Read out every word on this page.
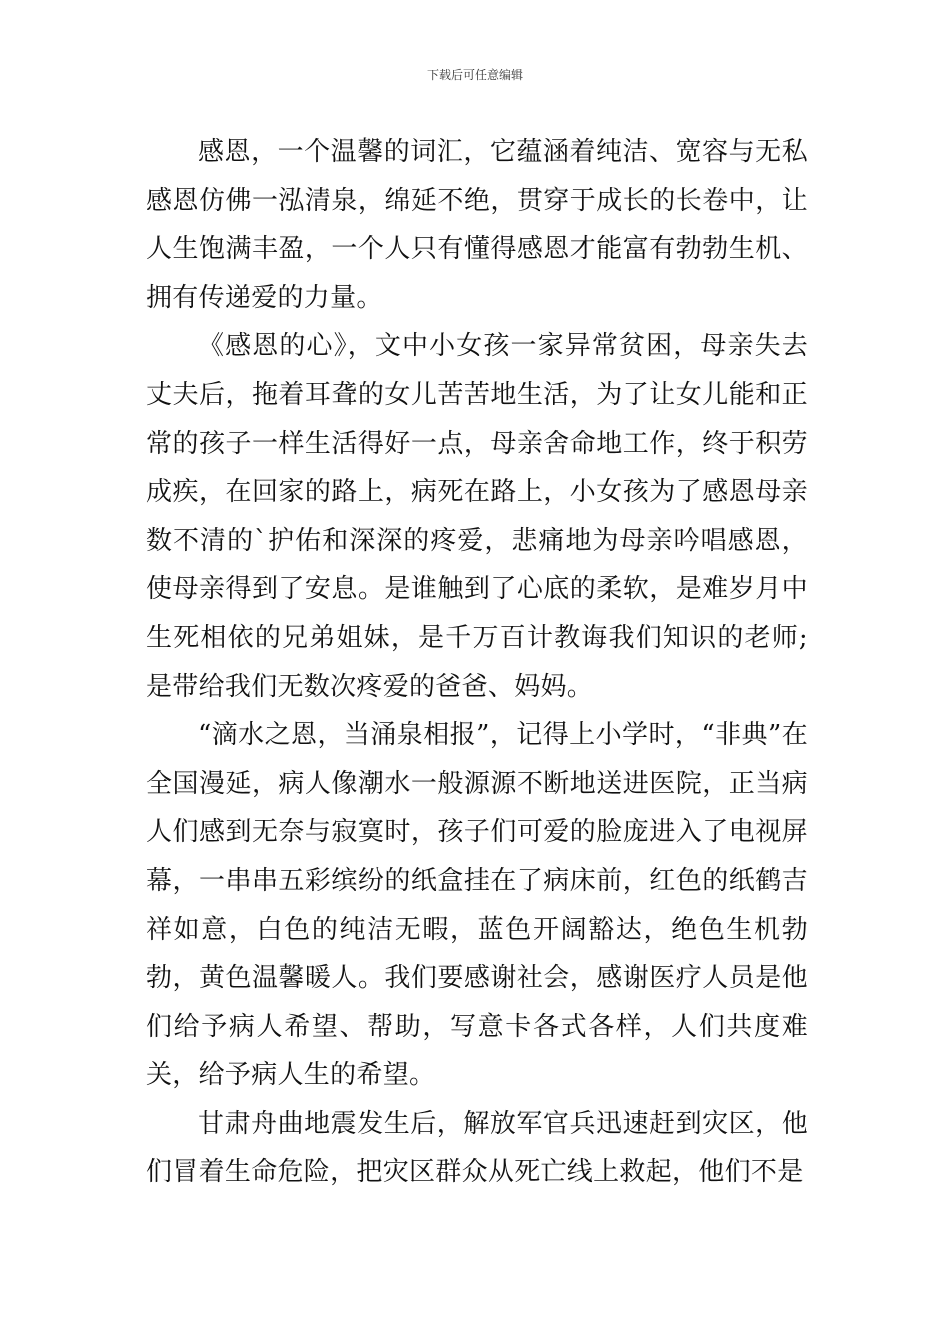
下载后可任意编辑

感恩，一个温馨的词汇，它蕴涵着纯洁、宽容与无私感恩仿佛一泓清泉，绵延不绝，贯穿于成长的长卷中，让人生饱满丰盈，一个人只有懂得感恩才能富有勃勃生机、拥有传递爱的力量。

《感恩的心》，文中小女孩一家异常贫困，母亲失去丈夫后，拖着耳聋的女儿苦苦地生活，为了让女儿能和正常的孩子一样生活得好一点，母亲舍命地工作，终于积劳成疾，在回家的路上，病死在路上，小女孩为了感恩母亲数不清的`护佑和深深的疼爱，悲痛地为母亲吟唱感恩，使母亲得到了安息。是谁触到了心底的柔软，是难岁月中生死相依的兄弟姐妹，是千万百计教诲我们知识的老师;是带给我们无数次疼爱的爸爸、妈妈。

“滴水之恩，当涌泉相报”，记得上小学时，“非典”在全国漫延，病人像潮水一般源源不断地送进医院，正当病人们感到无奈与寂寞时，孩子们可爱的脸庞进入了电视屏幕，一串串五彩缤纷的纸盒挂在了病床前，红色的纸鹤吉祥如意，白色的纯洁无暇，蓝色开阔豁达，绝色生机勃勃，黄色温馨暖人。我们要感谢社会，感谢医疗人员是他们给予病人希望、帮助，写意卡各式各样，人们共度难关，给予病人生的希望。

甘肃舟曲地震发生后，解放军官兵迅速赶到灾区，他们冒着生命危险，把灾区群众从死亡线上救起，他们不是
